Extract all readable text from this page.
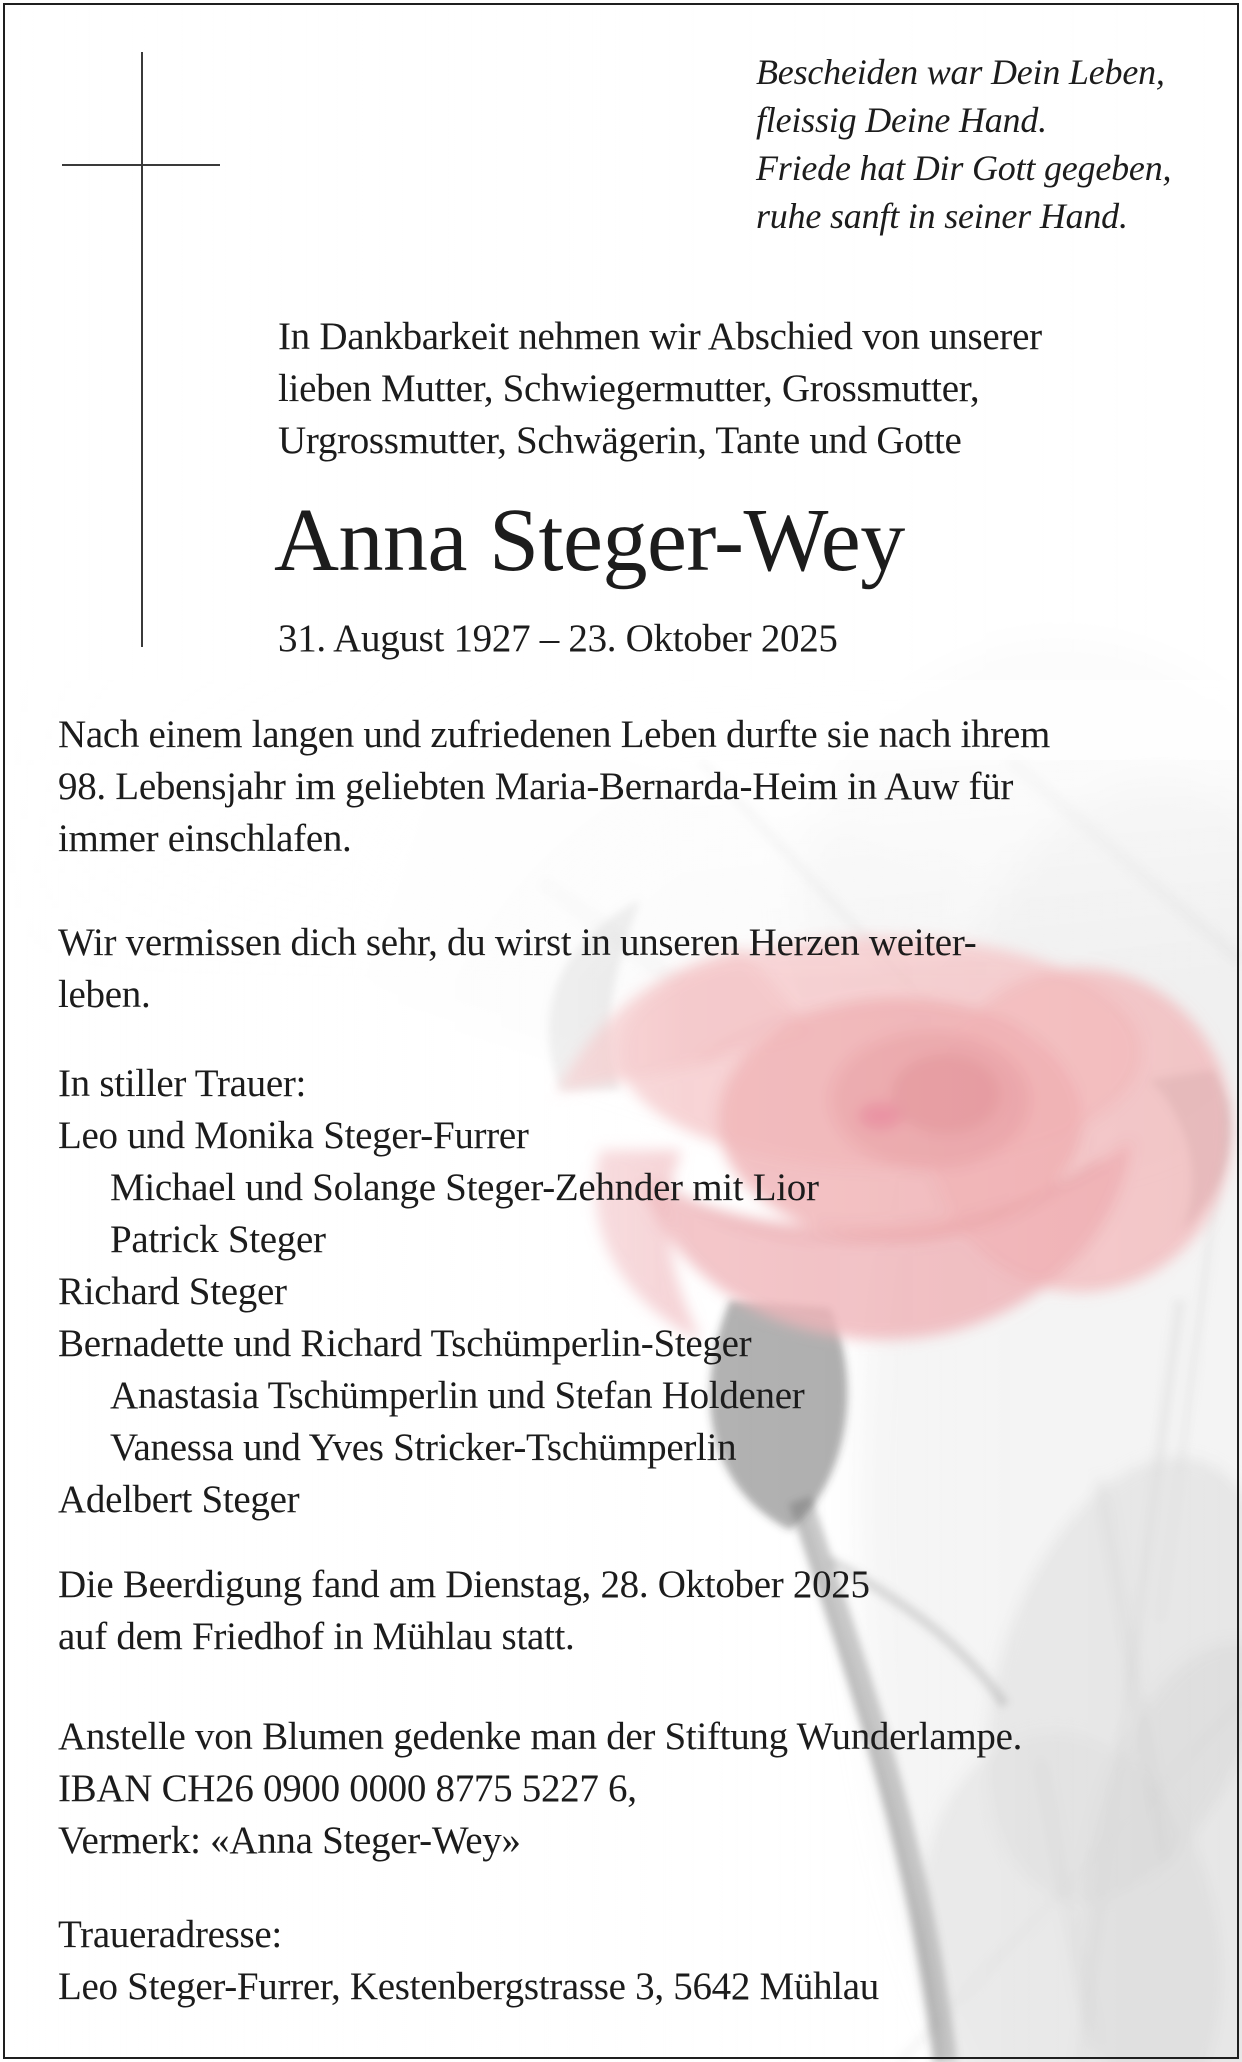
Bescheiden war Dein Leben,
fleissig Deine Hand.
Friede hat Dir Gott gegeben,
ruhe sanft in seiner Hand.
In Dankbarkeit nehmen wir Abschied von unserer
lieben Mutter, Schwiegermutter, Grossmutter,
Urgrossmutter, Schwägerin, Tante und Gotte
Anna Steger-Wey
31. August 1927 – 23. Oktober 2025
Nach einem langen und zufriedenen Leben durfte sie nach ihrem
98. Lebensjahr im geliebten Maria-Bernarda-Heim in Auw für
immer einschlafen.
Wir vermissen dich sehr, du wirst in unseren Herzen weiter-
leben.
In stiller Trauer:
Leo und Monika Steger-Furrer
Michael und Solange Steger-Zehnder mit Lior
Patrick Steger
Richard Steger
Bernadette und Richard Tschümperlin-Steger
Anastasia Tschümperlin und Stefan Holdener
Vanessa und Yves Stricker-Tschümperlin
Adelbert Steger
Die Beerdigung fand am Dienstag, 28. Oktober 2025
auf dem Friedhof in Mühlau statt.
Anstelle von Blumen gedenke man der Stiftung Wunderlampe.
IBAN CH26 0900 0000 8775 5227 6,
Vermerk: «Anna Steger-Wey»
Traueradresse:
Leo Steger-Furrer, Kestenbergstrasse 3, 5642 Mühlau
